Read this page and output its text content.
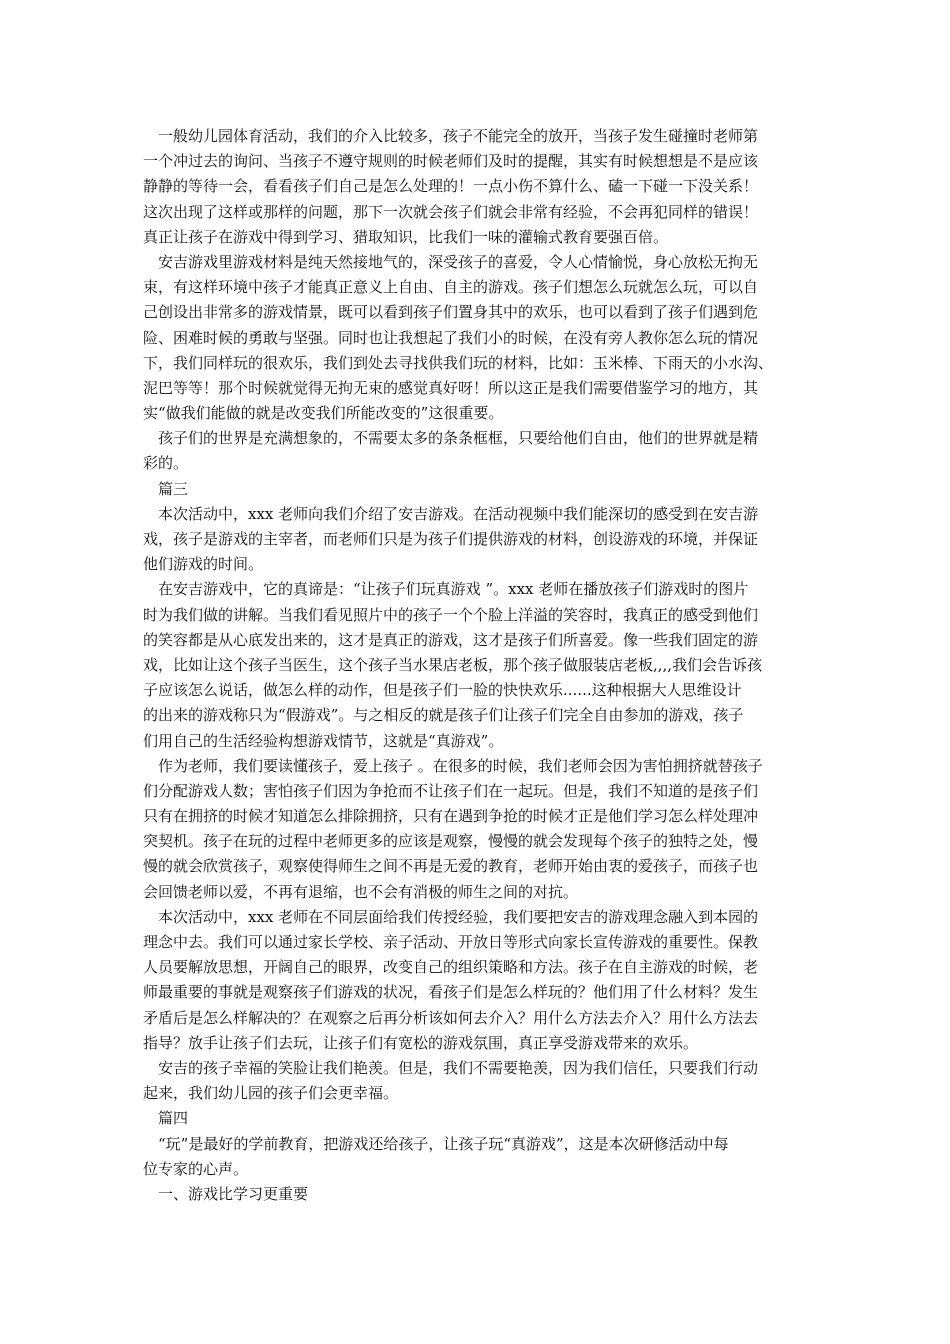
一般幼儿园体育活动，我们的介入比较多，孩子不能完全的放开，当孩子发生碰撞时老师第
一个冲过去的询问、当孩子不遵守规则的时候老师们及时的提醒，其实有时候想想是不是应该
静静的等待一会，看看孩子们自己是怎么处理的！一点小伤不算什么、磕一下碰一下没关系！
这次出现了这样或那样的问题，那下一次就会孩子们就会非常有经验，不会再犯同样的错误！
真正让孩子在游戏中得到学习、猎取知识，比我们一味的灌输式教育要强百倍。
安吉游戏里游戏材料是纯天然接地气的，深受孩子的喜爱，令人心情愉悦，身心放松无拘无
束，有这样环境中孩子才能真正意义上自由、自主的游戏。孩子们想怎么玩就怎么玩，可以自
己创设出非常多的游戏情景，既可以看到孩子们置身其中的欢乐，也可以看到了孩子们遇到危
险、困难时候的勇敢与坚强。同时也让我想起了我们小的时候，在没有旁人教你怎么玩的情况
下，我们同样玩的很欢乐，我们到处去寻找供我们玩的材料，比如：玉米棒、下雨天的小水沟、
泥巴等等！那个时候就觉得无拘无束的感觉真好呀！所以这正是我们需要借鉴学习的地方，其
实“做我们能做的就是改变我们所能改变的”这很重要。
孩子们的世界是充满想象的，不需要太多的条条框框，只要给他们自由，他们的世界就是精
彩的。
篇三
本次活动中，xxx 老师向我们介绍了安吉游戏。在活动视频中我们能深切的感受到在安吉游
戏，孩子是游戏的主宰者，而老师们只是为孩子们提供游戏的材料，创设游戏的环境，并保证
他们游戏的时间。
在安吉游戏中，它的真谛是：“让孩子们玩真游戏 ”。xxx 老师在播放孩子们游戏时的图片
时为我们做的讲解。当我们看见照片中的孩子一个个脸上洋溢的笑容时，我真正的感受到他们
的笑容都是从心底发出来的，这才是真正的游戏，这才是孩子们所喜爱。像一些我们固定的游
戏，比如让这个孩子当医生，这个孩子当水果店老板，那个孩子做服装店老板,,,,我们会告诉孩
子应该怎么说话，做怎么样的动作，但是孩子们一脸的快快欢乐......这种根据大人思维设计
的出来的游戏称只为“假游戏”。与之相反的就是孩子们让孩子们完全自由参加的游戏，孩子
们用自己的生活经验构想游戏情节，这就是“真游戏”。
作为老师，我们要读懂孩子，爱上孩子 。在很多的时候，我们老师会因为害怕拥挤就替孩子
们分配游戏人数；害怕孩子们因为争抢而不让孩子们在一起玩。但是，我们不知道的是孩子们
只有在拥挤的时候才知道怎么排除拥挤，只有在遇到争抢的时候才正是他们学习怎么样处理冲
突契机。孩子在玩的过程中老师更多的应该是观察，慢慢的就会发现每个孩子的独特之处，慢
慢的就会欣赏孩子，观察使得师生之间不再是无爱的教育，老师开始由衷的爱孩子，而孩子也
会回馈老师以爱，不再有退缩，也不会有消极的师生之间的对抗。
本次活动中，xxx 老师在不同层面给我们传授经验，我们要把安吉的游戏理念融入到本园的
理念中去。我们可以通过家长学校、亲子活动、开放日等形式向家长宣传游戏的重要性。保教
人员要解放思想，开阔自己的眼界，改变自己的组织策略和方法。孩子在自主游戏的时候，老
师最重要的事就是观察孩子们游戏的状况，看孩子们是怎么样玩的？他们用了什么材料？发生
矛盾后是怎么样解决的？在观察之后再分析该如何去介入？用什么方法去介入？用什么方法去
指导？放手让孩子们去玩，让孩子们有宽松的游戏氛围，真正享受游戏带来的欢乐。
安吉的孩子幸福的笑脸让我们艳羡。但是，我们不需要艳羡，因为我们信任，只要我们行动
起来，我们幼儿园的孩子们会更幸福。
篇四
“玩”是最好的学前教育，把游戏还给孩子，让孩子玩“真游戏”，这是本次研修活动中每
位专家的心声。
一、游戏比学习更重要
